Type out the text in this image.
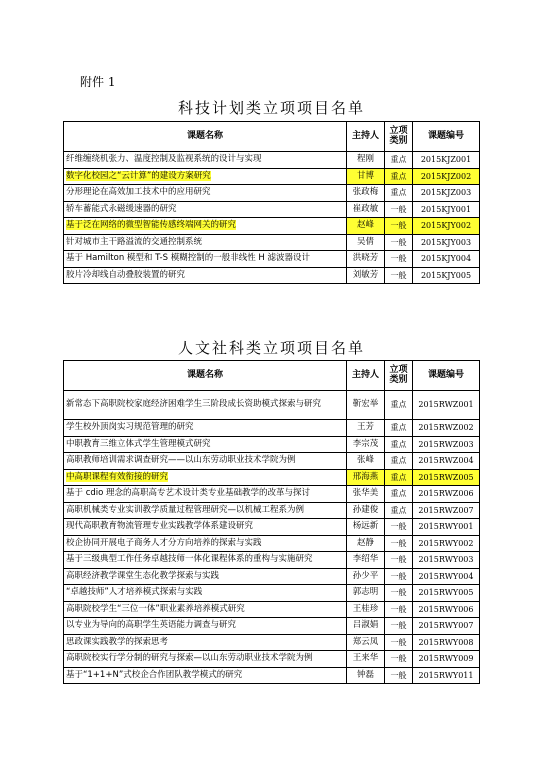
附件 1
科技计划类立项项目名单
课题名称	主持人	立项类别	课题编号
纤维缠绕机张力、温度控制及监视系统的设计与实现	程刚	重点	2015KJZ001
数字化校园之“云计算”的建设方案研究	甘博	重点	2015KJZ002
分形理论在高效加工技术中的应用研究	张政梅	重点	2015KJZ003
轿车蓄能式永磁缓速器的研究	崔政敏	一般	2015KJY001
基于泛在网络的微型智能传感终端网关的研究	赵峰	一般	2015KJY002
针对城市主干路溢流的交通控制系统	吴倩	一般	2015KJY003
基于 Hamilton 模型和 T-S 模糊控制的一般非线性 H 滤波器设计	洪晓芳	一般	2015KJY004
胶片冷却线自动叠胶装置的研究	刘敏芳	一般	2015KJY005
人文社科类立项项目名单
课题名称	主持人	立项类别	课题编号
新常态下高职院校家庭经济困难学生三阶段成长资助模式探索与研究	靳宏举	重点	2015RWZ001
学生校外顶岗实习规范管理的研究	王芳	重点	2015RWZ002
中职教育三维立体式学生管理模式研究	李宗茂	重点	2015RWZ003
高职教师培训需求调查研究——以山东劳动职业技术学院为例	张峰	重点	2015RWZ004
中高职课程有效衔接的研究	邢海燕	重点	2015RWZ005
基于 cdio 理念的高职高专艺术设计类专业基础教学的改革与探讨	张华美	重点	2015RWZ006
高职机械类专业实训教学质量过程管理研究—以机械工程系为例	孙建俊	重点	2015RWZ007
现代高职教育物流管理专业实践教学体系建设研究	杨远新	一般	2015RWY001
校企协同开展电子商务人才分方向培养的探索与实践	赵静	一般	2015RWY002
基于三级典型工作任务卓越技师一体化课程体系的重构与实施研究	李绍华	一般	2015RWY003
高职经济教学课堂生态化教学探索与实践	孙少平	一般	2015RWY004
“卓越技师”人才培养模式探索与实践	郭志明	一般	2015RWY005
高职院校学生“三位一体”职业素养培养模式研究	王桂珍	一般	2015RWY006
以专业为导向的高职学生英语能力调查与研究	吕淑娟	一般	2015RWY007
思政课实践教学的探索思考	郑云凤	一般	2015RWY008
高职院校实行学分制的研究与探索—以山东劳动职业技术学院为例	王来华	一般	2015RWY009
基于“1+1+N”式校企合作团队教学模式的研究	钟磊	一般	2015RWY011
